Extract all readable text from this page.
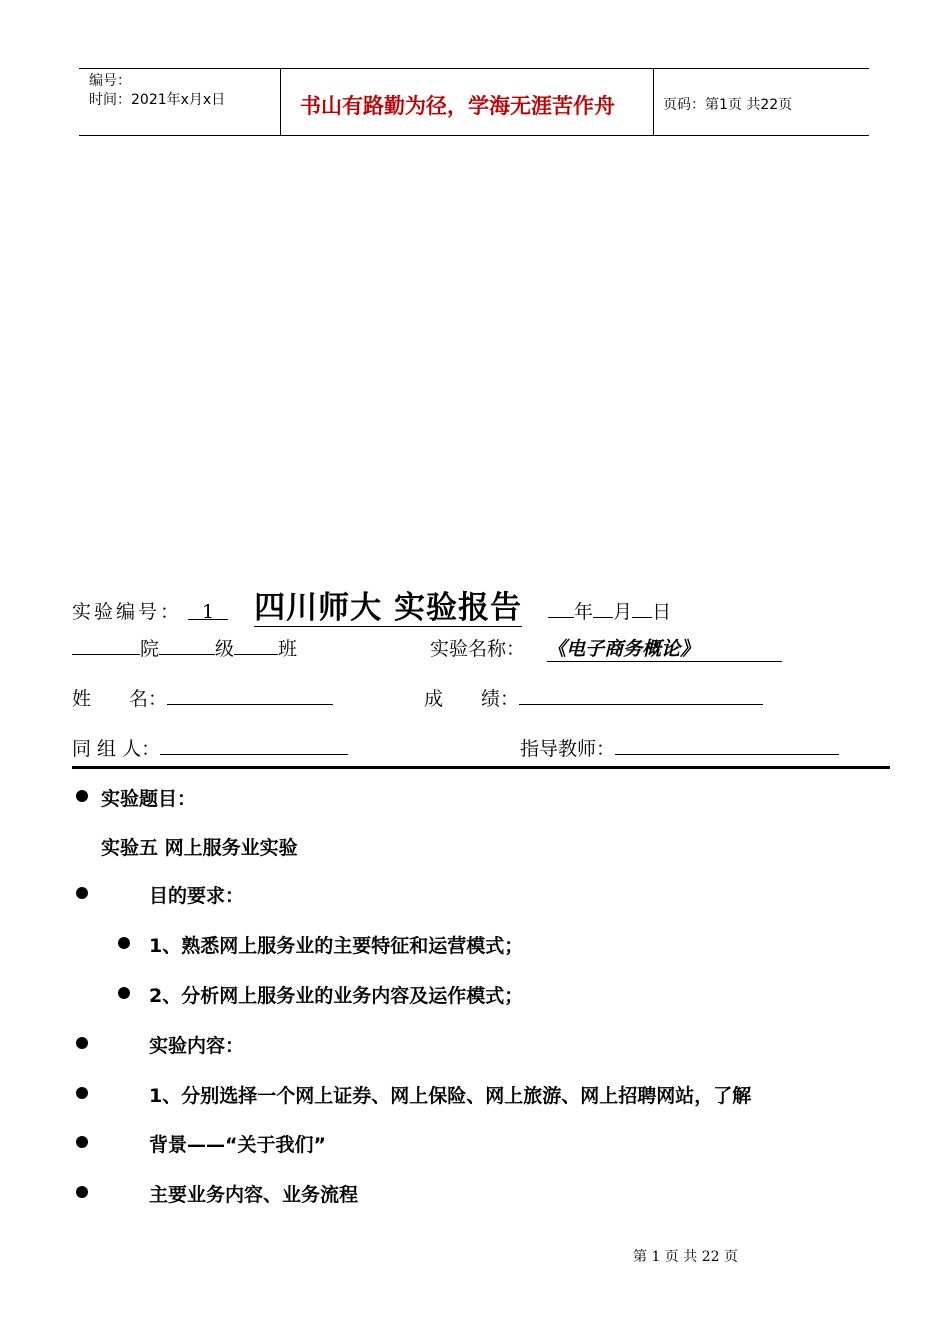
编号：
时间：2021年x月x日	书山有路勤为径，学海无涯苦作舟	页码：第1页 共22页
实验编号： 1 四川师大 实验报告	年 月 日
院	级 班	实验名称： 《电子商务概论》
姓　　名：	成　　绩：
同 组 人：	指导教师：
实验题目：
实验五 网上服务业实验
目的要求：
1、熟悉网上服务业的主要特征和运营模式；
2、分析网上服务业的业务内容及运作模式；
实验内容：
1、分别选择一个网上证券、网上保险、网上旅游、网上招聘网站，了解
背景——“关于我们”
主要业务内容、业务流程
第 1 页 共 22 页
